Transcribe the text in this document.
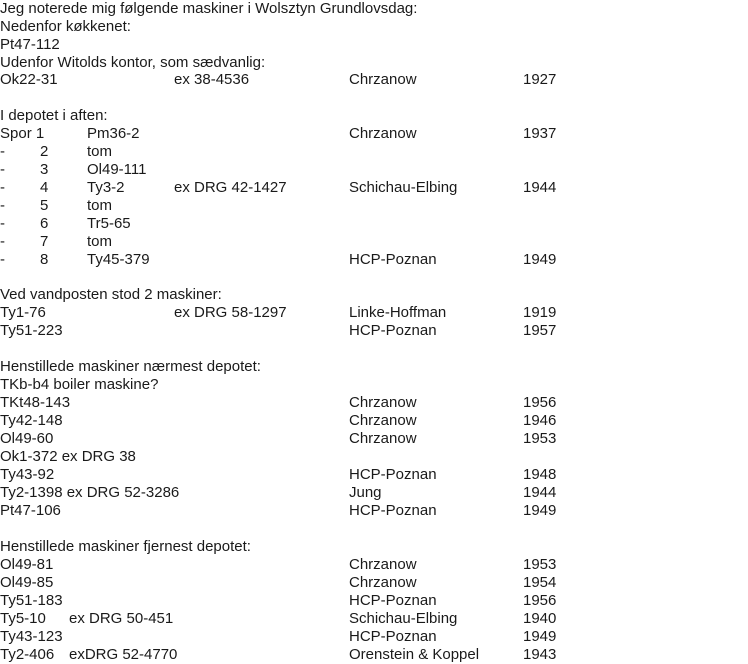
Jeg noterede mig følgende maskiner i Wolsztyn Grundlovsdag:
Nedenfor køkkenet:
Pt47-112
Udenfor Witolds kontor, som sædvanlig:
Ok22-31	ex 38-4536	Chrzanow	1927
I depotet i aften:
Spor 1	Pm36-2	Chrzanow	1937
- 2	tom
- 3	Ol49-111
- 4	Ty3-2	ex DRG 42-1427	Schichau-Elbing	1944
- 5	tom
- 6	Tr5-65
- 7	tom
- 8	Ty45-379	HCP-Poznan	1949
Ved vandposten stod 2 maskiner:
Ty1-76	ex DRG 58-1297	Linke-Hoffman	1919
Ty51-223	HCP-Poznan	1957
Henstillede maskiner nærmest depotet:
TKb-b4 boiler maskine?
TKt48-143	Chrzanow	1956
Ty42-148	Chrzanow	1946
Ol49-60	Chrzanow	1953
Ok1-372 ex DRG 38
Ty43-92	HCP-Poznan	1948
Ty2-1398 ex DRG 52-3286	Jung	1944
Pt47-106	HCP-Poznan	1949
Henstillede maskiner fjernest depotet:
Ol49-81	Chrzanow	1953
Ol49-85	Chrzanow	1954
Ty51-183	HCP-Poznan	1956
Ty5-10 ex DRG 50-451	Schichau-Elbing	1940
Ty43-123	HCP-Poznan	1949
Ty2-406 exDRG 52-4770	Orenstein & Koppel	1943
